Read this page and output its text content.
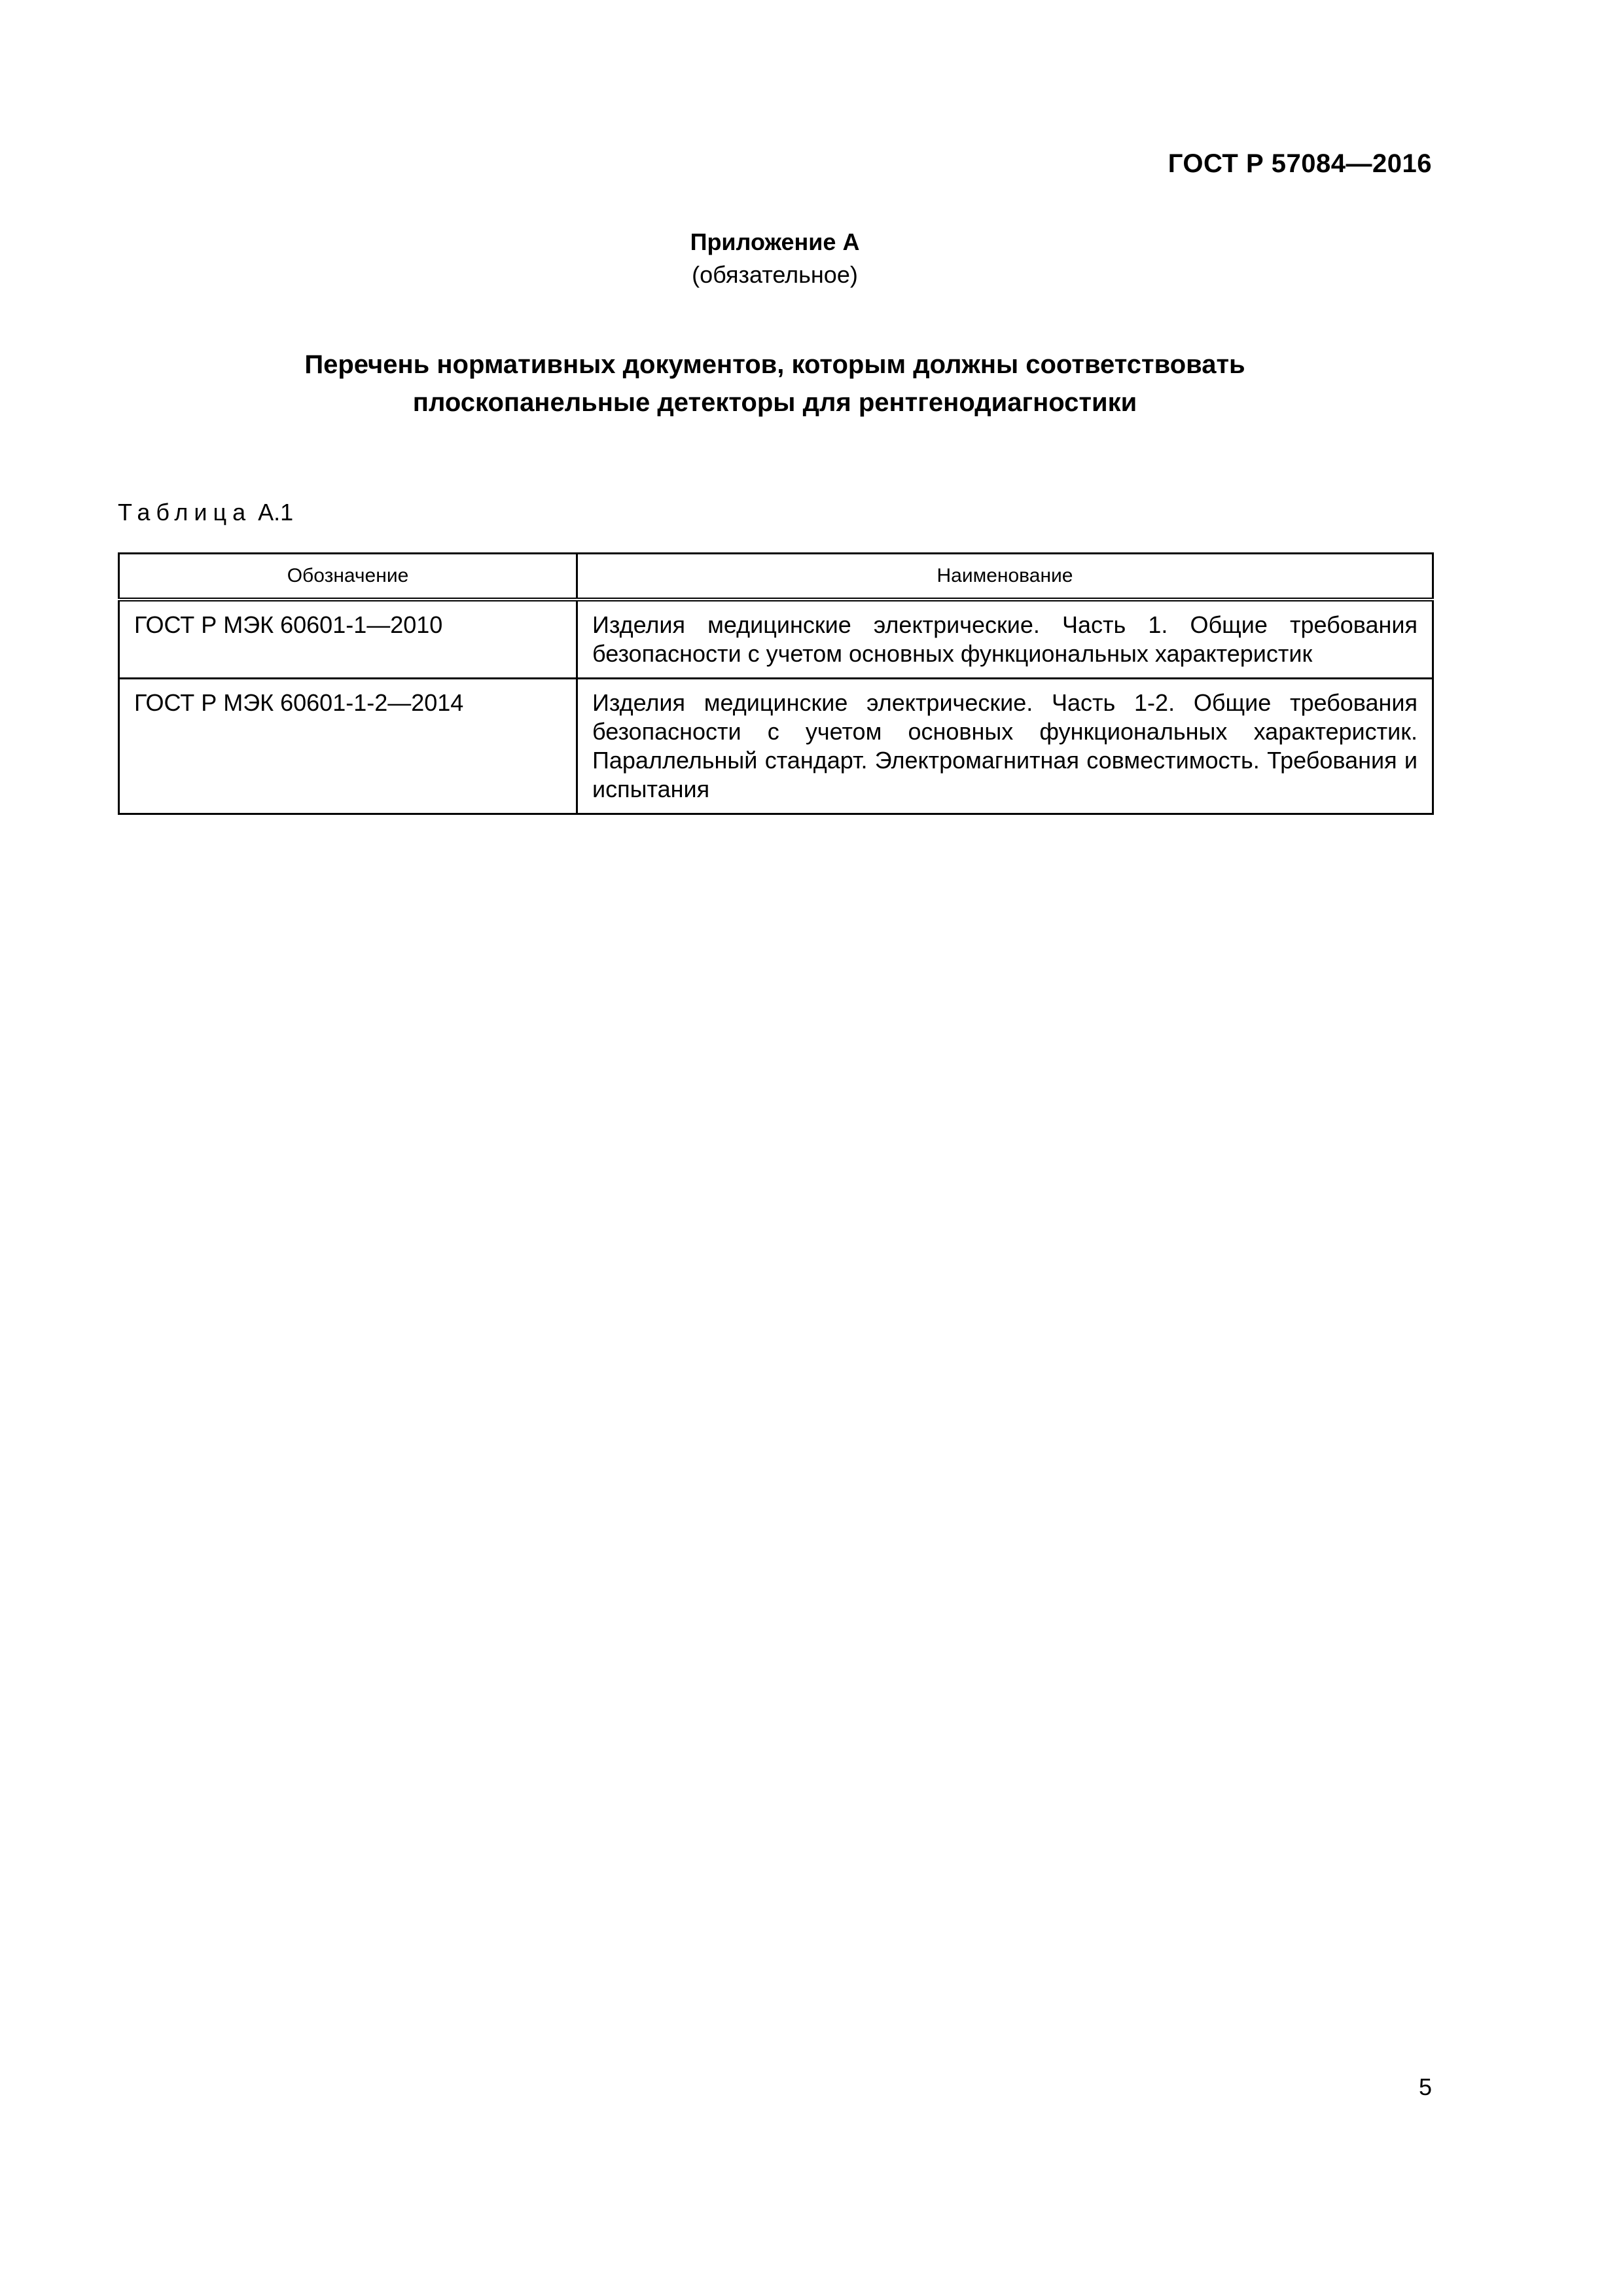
ГОСТ Р 57084—2016
Приложение А
(обязательное)
Перечень нормативных документов, которым должны соответствовать
плоскопанельные детекторы для рентгенодиагностики
Таблица А.1
Обозначение	Наименование
ГОСТ Р МЭК 60601-1—2010	Изделия медицинские электрические. Часть 1. Общие требования безопасности с учетом основных функциональных характеристик
ГОСТ Р МЭК 60601-1-2—2014	Изделия медицинские электрические. Часть 1-2. Общие требования безопасности с учетом основных функциональных характеристик. Параллельный стандарт. Электромагнитная совместимость. Требования и испытания
5
